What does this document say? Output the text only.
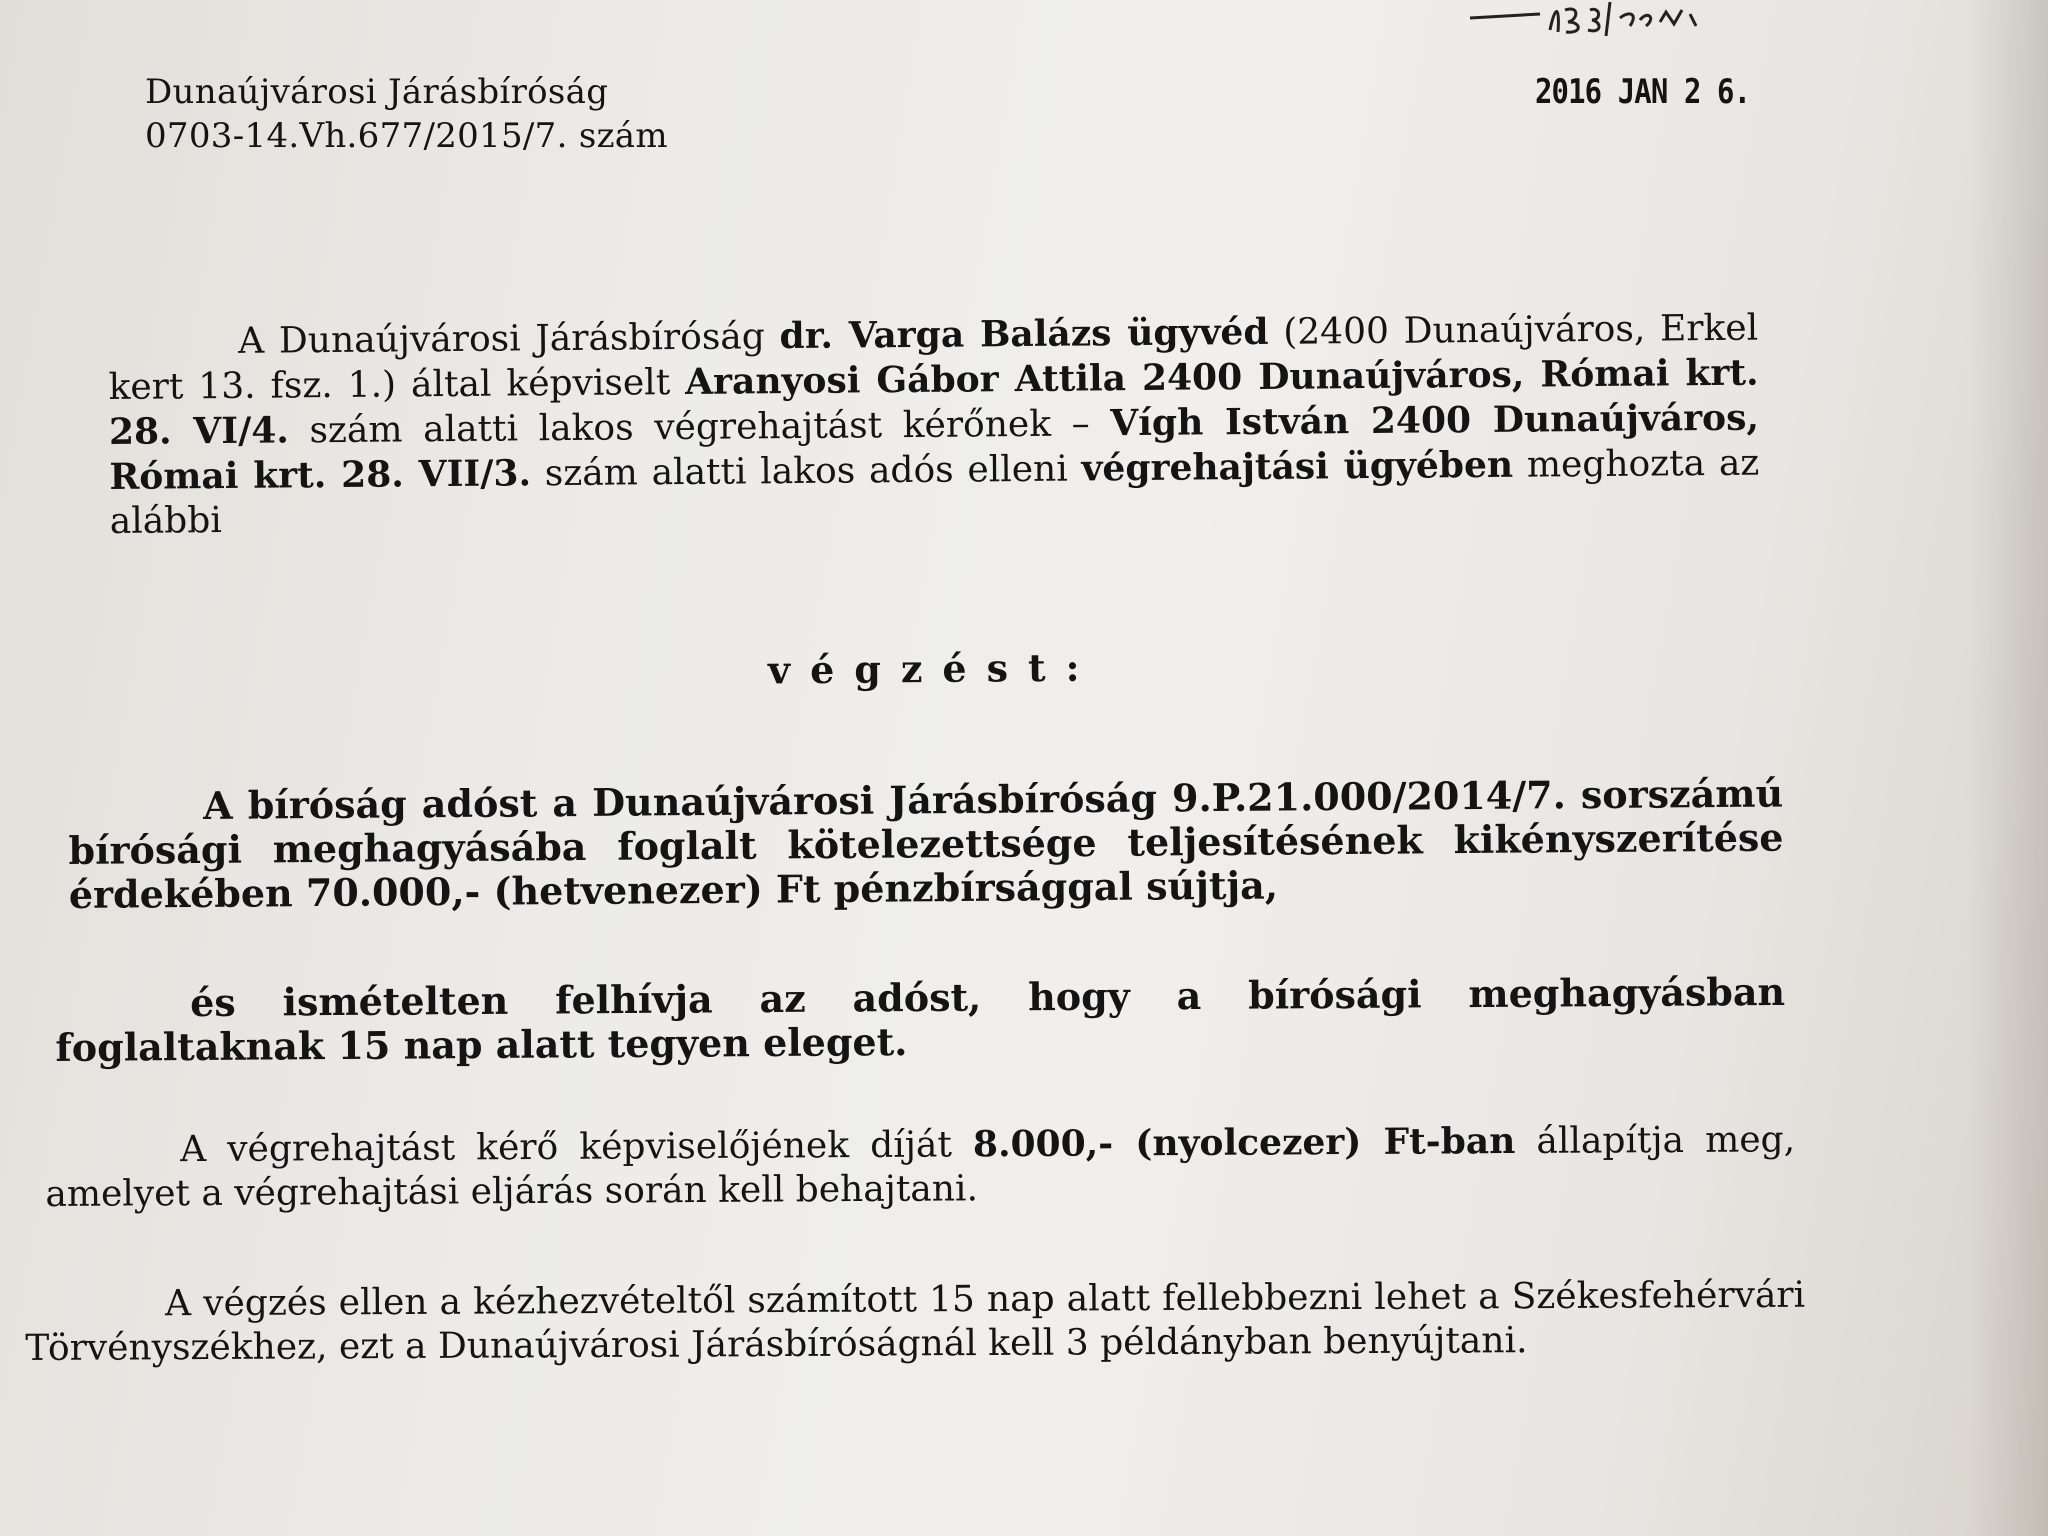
Dunaújvárosi Járásbíróság
0703-14.Vh.677/2015/7. szám
2016 JAN 2 6.
A Dunaújvárosi Járásbíróság dr. Varga Balázs ügyvéd (2400 Dunaújváros, Erkel kert 13. fsz. 1.) által képviselt Aranyosi Gábor Attila 2400 Dunaújváros, Római krt. 28. VI/4. szám alatti lakos végrehajtást kérőnek – Vígh István 2400 Dunaújváros, Római krt. 28. VII/3. szám alatti lakos adós elleni végrehajtási ügyében meghozta az alábbi
végzést:
A bíróság adóst a Dunaújvárosi Járásbíróság 9.P.21.000/2014/7. sorszámú bírósági meghagyásába foglalt kötelezettsége teljesítésének kikényszerítése érdekében 70.000,- (hetvenezer) Ft pénzbírsággal sújtja,
és ismételten felhívja az adóst, hogy a bírósági meghagyásban foglaltaknak 15 nap alatt tegyen eleget.
A végrehajtást kérő képviselőjének díját 8.000,- (nyolcezer) Ft-ban állapítja meg, amelyet a végrehajtási eljárás során kell behajtani.
A végzés ellen a kézhezvételtől számított 15 nap alatt fellebbezni lehet a Székesfehérvári Törvényszékhez, ezt a Dunaújvárosi Járásbíróságnál kell 3 példányban benyújtani.
